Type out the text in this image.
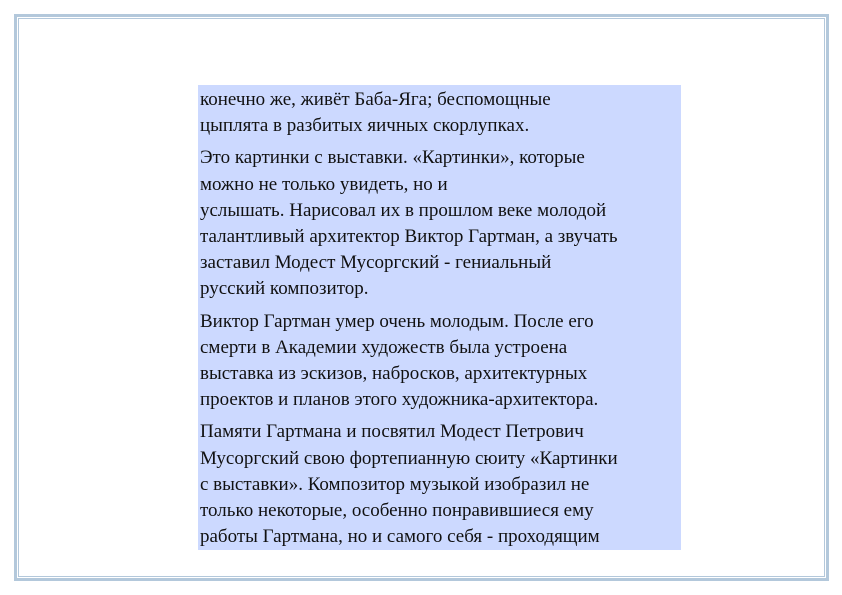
конечно же, живёт Баба-Яга; беспомощные
цыплята в разбитых яичных скорлупках.

Это картинки с выставки. «Картинки», которые
можно не только увидеть, но и
услышать. Нарисовал их в прошлом веке молодой
талантливый архитектор Виктор Гартман, а звучать
заставил Модест Мусоргский - гениальный
русский композитор.

Виктор Гартман умер очень молодым. После его
смерти в Академии художеств была устроена
выставка из эскизов, набросков, архитектурных
проектов и планов этого художника-архитектора.

Памяти Гартмана и посвятил Модест Петрович
Мусоргский свою фортепианную сюиту «Картинки
с выставки». Композитор музыкой изобразил не
только некоторые, особенно понравившиеся ему
работы Гартмана, но и самого себя - проходящим
